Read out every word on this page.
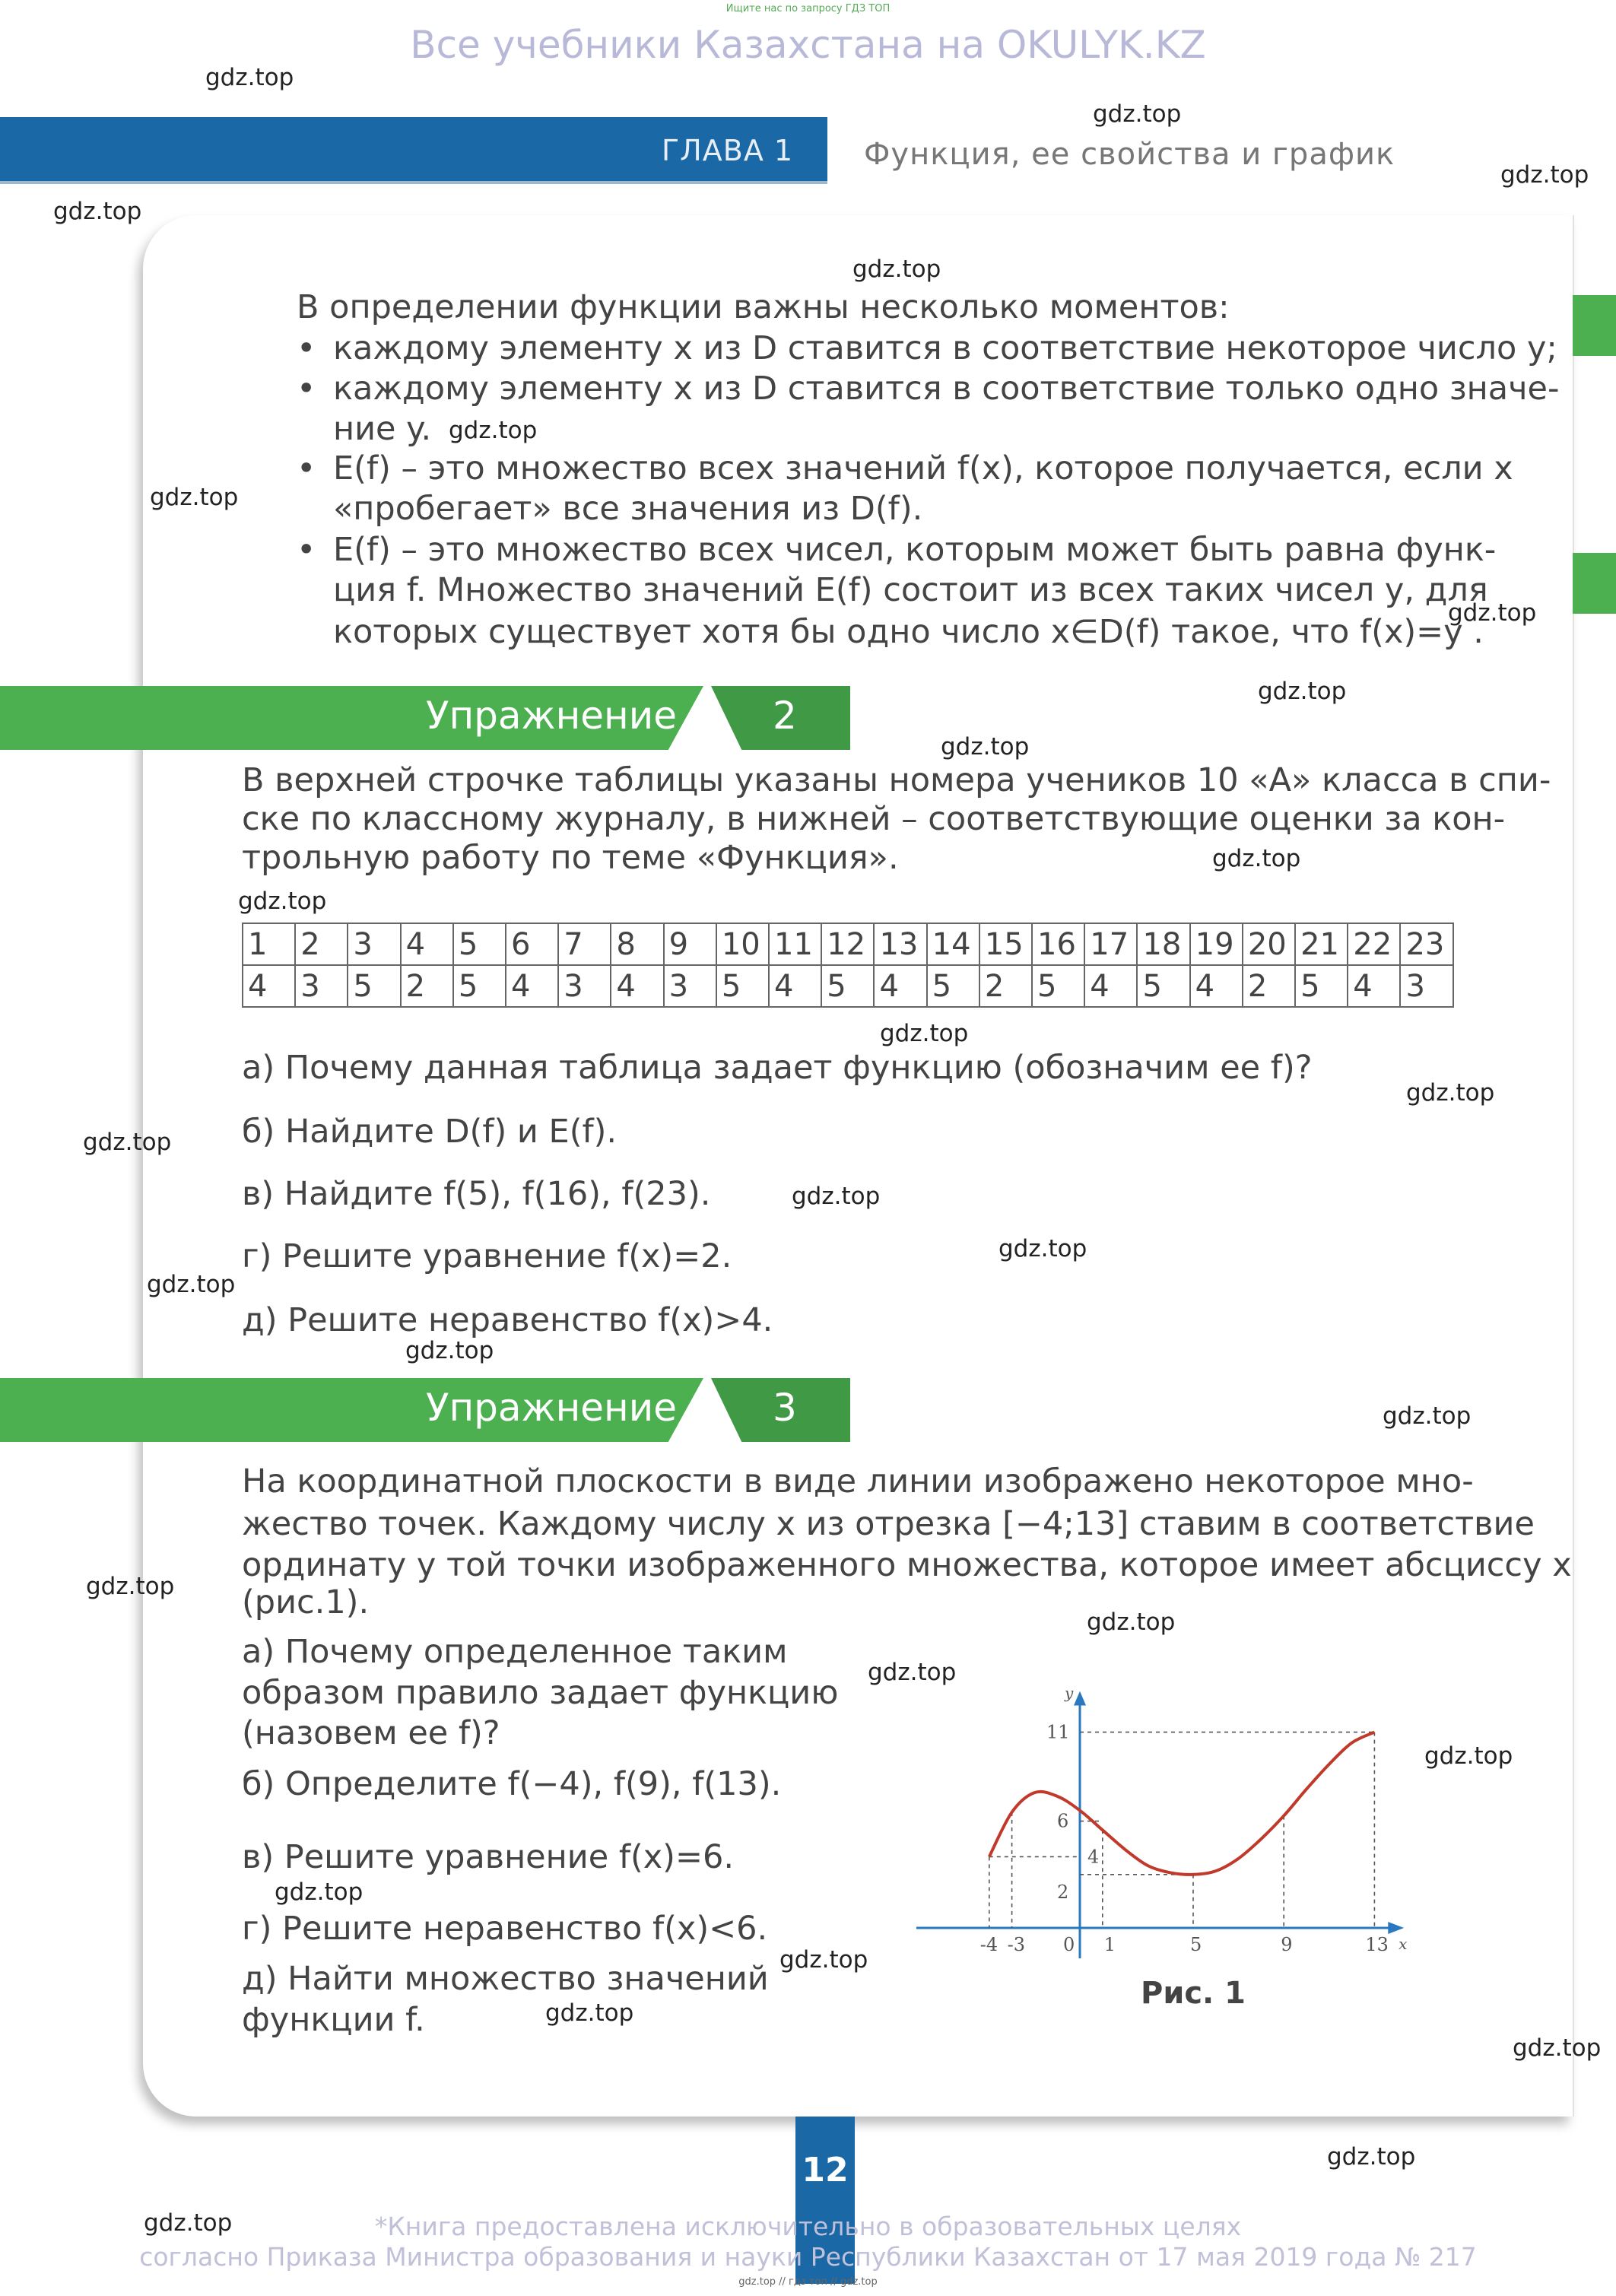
Ищите нас по запросу ГДЗ ТОП
Все учебники Казахстана на OKULYK.KZ
ГЛАВА 1 Функция, ее свойства и график
В определении функции важны несколько моментов:
• каждому элементу x из D ставится в соответствие некоторое число y;
• каждому элементу x из D ставится в соответствие только одно значе-
ние y.
• E(f) – это множество всех значений f(x), которое получается, если x
«пробегает» все значения из D(f).
• E(f) – это множество всех чисел, которым может быть равна функ-
ция f. Множество значений E(f) состоит из всех таких чисел y, для
которых существует хотя бы одно число x∈D(f) такое, что f(x)=y .
Упражнение	2
В верхней строчке таблицы указаны номера учеников 10 «А» класса в спи-
ске по классному журналу, в нижней – соответствующие оценки за кон-
трольную работу по теме «Функция».
1	2	3	4	5	6	7	8	9	10	11	12	13	14	15	16	17	18	19	20	21	22	23
4	3	5	2	5	4	3	4	3	5	4	5	4	5	2	5	4	5	4	2	5	4	3
а) Почему данная таблица задает функцию (обозначим ее f)?
б) Найдите D(f) и E(f).
в) Найдите f(5), f(16), f(23).
г) Решите уравнение f(x)=2.
д) Решите неравенство f(x)>4.
Упражнение	3
На координатной плоскости в виде линии изображено некоторое мно-
жество точек. Каждому числу x из отрезка [−4;13] ставим в соответствие
ординату y той точки изображенного множества, которое имеет абсциссу x
(рис.1).
а) Почему определенное таким
образом правило задает функцию
(назовем ее f)?
б) Определите f(−4), f(9), f(13).
в) Решите уравнение f(x)=6.
г) Решите неравенство f(x)<6.
д) Найти множество значений
функции f.
-4 -3 0 1	5	9	13
2
4
6
11
x
y
Рис. 1
12
*Книга предоставлена исключительно в образовательных целях
согласно Приказа Министра образования и науки Республики Казахстан от 17 мая 2019 года № 217
gdz.top // гдз топ // gdz.top
gdz.top
gdz.top
gdz.top
gdz.top
gdz.top
gdz.top
gdz.top
gdz.top
gdz.top
gdz.top
gdz.top
gdz.top
gdz.top
gdz.top
gdz.top
gdz.top
gdz.top
gdz.top
gdz.top
gdz.top
gdz.top
gdz.top
gdz.top
gdz.top
gdz.top
gdz.top
gdz.top
gdz.top
gdz.top
gdz.top
